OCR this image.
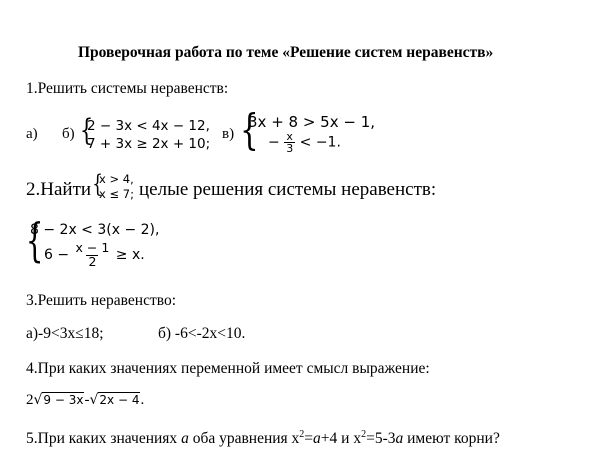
Проверочная работа по теме «Решение систем неравенств»
1.Решить системы неравенств:
а) б) {
2 − 3x < 4x − 12,
7 + 3x ≥ 2x + 10;
в) {
3x + 8 > 5x − 1,
− $\frac{x}{3} < -1$.
2.Найти {
x > 4,
x ≤ 7; целые решения системы неравенств:
{
8 − 2x < 3(x − 2),
$6 - \frac{x - 1}{2} \ge x$.
3.Решить неравенство:
а)-9<3x≤18;	б) -6<-2x<10.
4.При каких значениях переменной имеет смысл выражение:
2√9 − 3x-√2x − 4.
5.При каких значениях a оба уравнения $x^2=a+4$ и $x^2=5-3a$ имеют корни?
